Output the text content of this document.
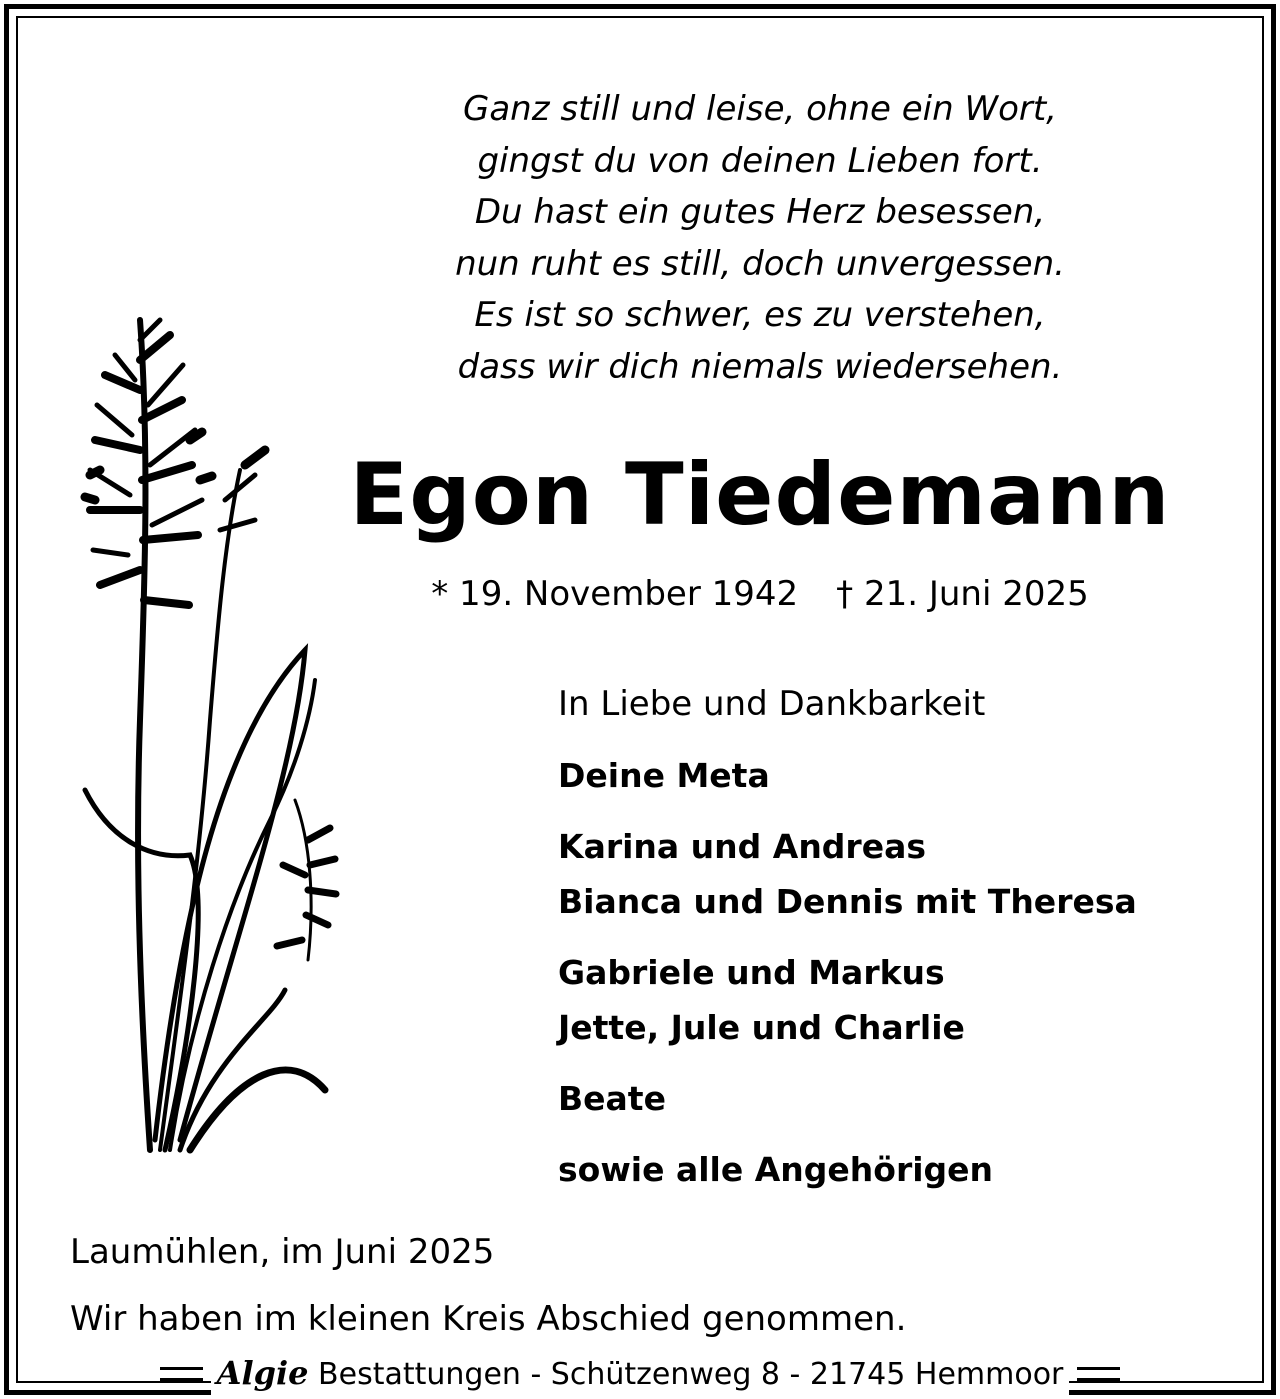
Ganz still und leise, ohne ein Wort,
gingst du von deinen Lieben fort.
Du hast ein gutes Herz besessen,
nun ruht es still, doch unvergessen.
Es ist so schwer, es zu verstehen,
dass wir dich niemals wiedersehen.
Egon Tiedemann
* 19. November 1942 † 21. Juni 2025
In Liebe und Dankbarkeit
Deine Meta
Karina und Andreas
Bianca und Dennis mit Theresa
Gabriele und Markus
Jette, Jule und Charlie
Beate
sowie alle Angehörigen
Laumühlen, im Juni 2025
Wir haben im kleinen Kreis Abschied genommen.
Algie Bestattungen - Schützenweg 8 - 21745 Hemmoor
